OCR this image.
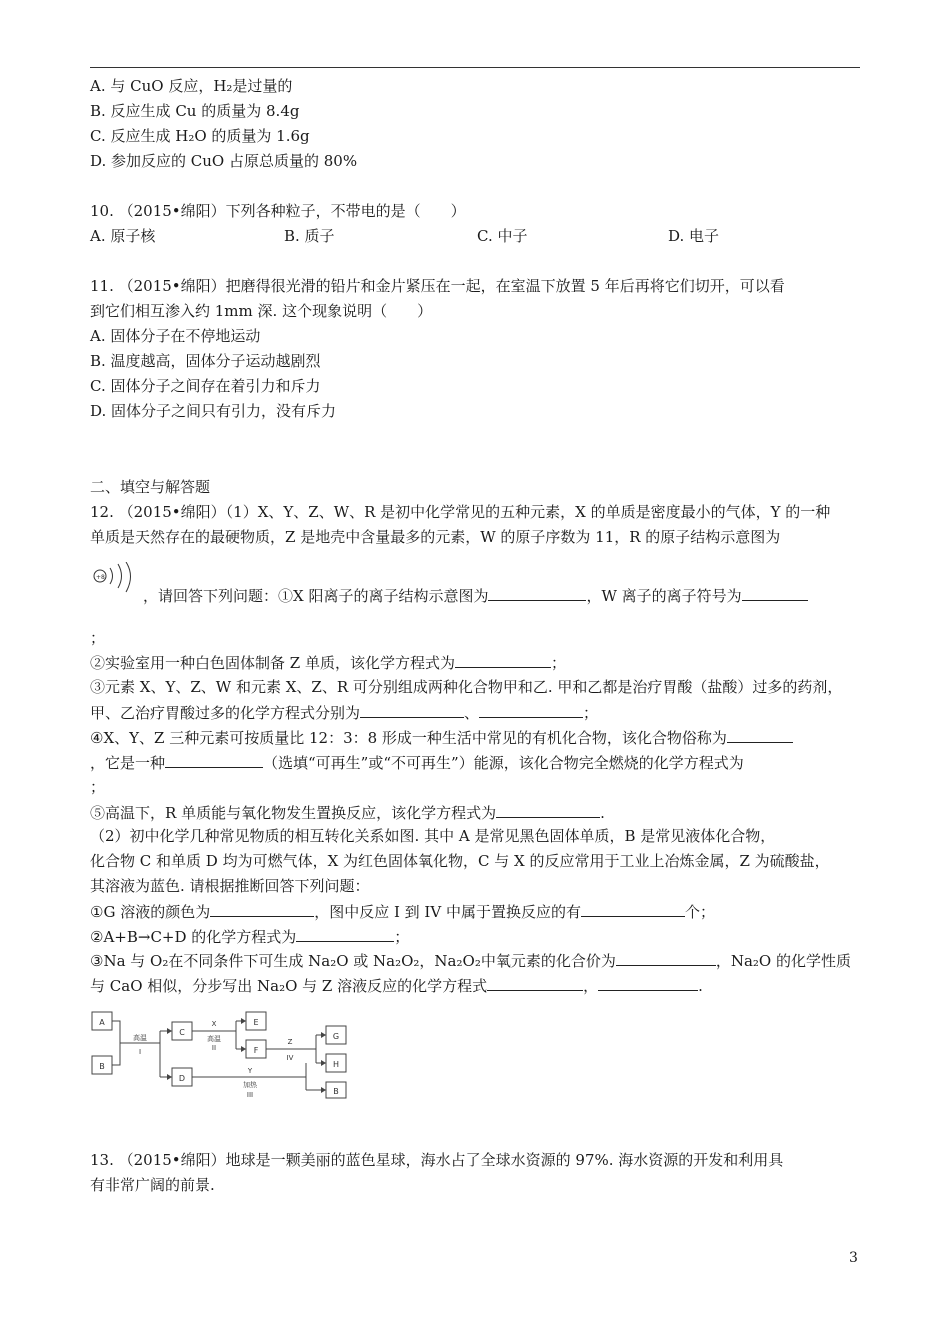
A. 与 CuO 反应，H₂是过量的
B. 反应生成 Cu 的质量为 8.4g
C. 反应生成 H₂O 的质量为 1.6g
D. 参加反应的 CuO 占原总质量的 80%
10. （2015•绵阳）下列各种粒子，不带电的是（　　）
A. 原子核	B. 质子	C. 中子	D. 电子
11. （2015•绵阳）把磨得很光滑的铅片和金片紧压在一起，在室温下放置 5 年后再将它们切开，可以看
到它们相互渗入约 1mm 深. 这个现象说明（　　）
A. 固体分子在不停地运动
B. 温度越高，固体分子运动越剧烈
C. 固体分子之间存在着引力和斥力
D. 固体分子之间只有引力，没有斥力
二、填空与解答题
12. （2015•绵阳）（1）X、Y、Z、W、R 是初中化学常见的五种元素，X 的单质是密度最小的气体，Y 的一种
单质是天然存在的最硬物质，Z 是地壳中含量最多的元素，W 的原子序数为 11，R 的原子结构示意图为
+8
，请回答下列问题：①X 阳离子的离子结构示意图为	，W 离子的离子符号为
；
②实验室用一种白色固体制备 Z 单质，该化学方程式为	；
③元素 X、Y、Z、W 和元素 X、Z、R 可分别组成两种化合物甲和乙. 甲和乙都是治疗胃酸（盐酸）过多的药剂，
甲、乙治疗胃酸过多的化学方程式分别为	、	；
④X、Y、Z 三种元素可按质量比 12：3：8 形成一种生活中常见的有机化合物，该化合物俗称为
，它是一种	（选填“可再生”或“不可再生”）能源，该化合物完全燃烧的化学方程式为
；
⑤高温下，R 单质能与氧化物发生置换反应，该化学方程式为	.
（2）初中化学几种常见物质的相互转化关系如图. 其中 A 是常见黑色固体单质，B 是常见液体化合物，
化合物 C 和单质 D 均为可燃气体，X 为红色固体氧化物，C 与 X 的反应常用于工业上冶炼金属，Z 为硫酸盐，
其溶液为蓝色. 请根据推断回答下列问题：
①G 溶液的颜色为	，图中反应 I 到 IV 中属于置换反应的有	个；
②A+B→C+D 的化学方程式为	；
③Na 与 O₂在不同条件下可生成 Na₂O 或 Na₂O₂，Na₂O₂中氧元素的化合价为	，Na₂O 的化学性质
与 CaO 相似，分步写出 Na₂O 与 Z 溶液反应的化学方程式	，	.
A
B
C
D
E
F
G
H
B
高温
I
X
高温
II
Z
IV
Y
加热
III
13. （2015•绵阳）地球是一颗美丽的蓝色星球，海水占了全球水资源的 97%. 海水资源的开发和利用具
有非常广阔的前景.
3
